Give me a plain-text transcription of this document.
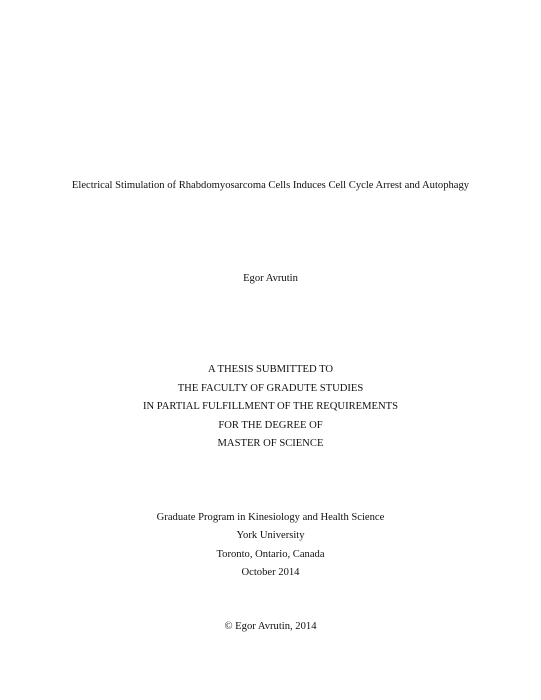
Electrical Stimulation of Rhabdomyosarcoma Cells Induces Cell Cycle Arrest and Autophagy
Egor Avrutin
A THESIS SUBMITTED TO
THE FACULTY OF GRADUTE STUDIES
IN PARTIAL FULFILLMENT OF THE REQUIREMENTS
FOR THE DEGREE OF
MASTER OF SCIENCE
Graduate Program in Kinesiology and Health Science
York University
Toronto, Ontario, Canada
October 2014
© Egor Avrutin, 2014
